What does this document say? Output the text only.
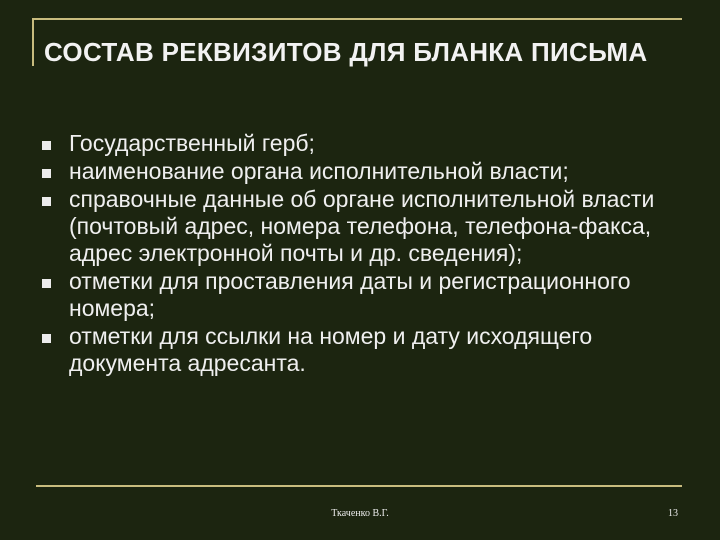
СОСТАВ РЕКВИЗИТОВ ДЛЯ БЛАНКА ПИСЬМА
Государственный герб;
наименование органа исполнительной власти;
справочные данные об органе исполнительной власти (почтовый адрес, номера телефона, телефона-факса, адрес электронной почты и др. сведения);
отметки для проставления даты и регистрационного номера;
отметки для ссылки на номер и дату исходящего документа адресанта.
Ткаченко В.Г.	13
